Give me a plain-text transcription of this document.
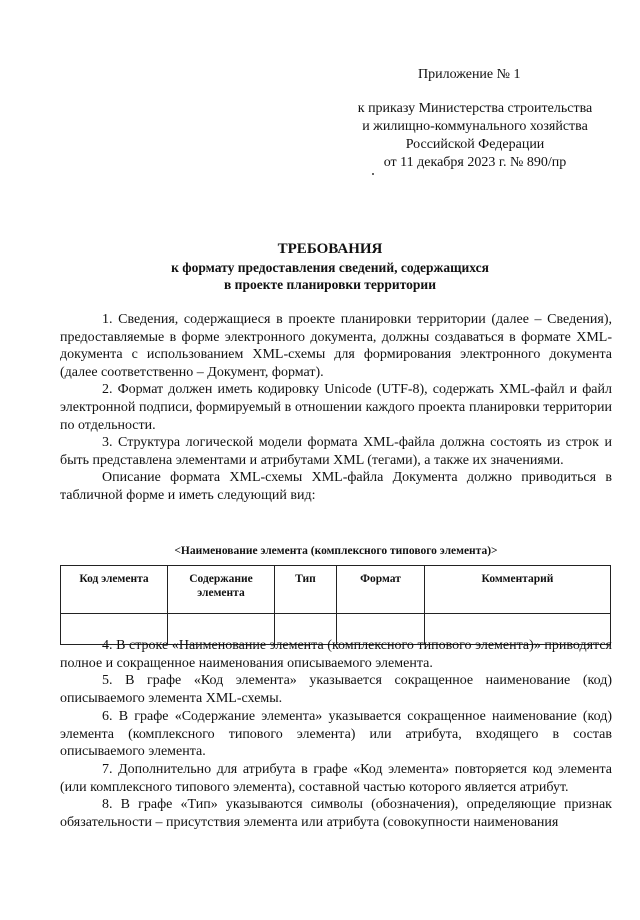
Приложение № 1
к приказу Министерства строительства
и жилищно-коммунального хозяйства
Российской Федерации
от 11 декабря 2023 г. № 890/пр
ТРЕБОВАНИЯ
к формату предоставления сведений, содержащихся
в проекте планировки территории

1. Сведения, содержащиеся в проекте планировки территории (далее – Сведения), предоставляемые в форме электронного документа, должны создаваться в формате XML-документа с использованием XML-схемы для формирования электронного документа (далее соответственно – Документ, формат).

2. Формат должен иметь кодировку Unicode (UTF-8), содержать XML-файл и файл электронной подписи, формируемый в отношении каждого проекта планировки территории по отдельности.

3. Структура логической модели формата XML-файла должна состоять из строк и быть представлена элементами и атрибутами XML (тегами), а также их значениями.

Описание формата XML-схемы XML-файла Документа должно приводиться в табличной форме и иметь следующий вид:

<Наименование элемента (комплексного типового элемента)>
Код элемента	Содержание элемента	Тип	Формат	Комментарий

4. В строке «Наименование элемента (комплексного типового элемента)» приводятся полное и сокращенное наименования описываемого элемента.

5. В графе «Код элемента» указывается сокращенное наименование (код) описываемого элемента XML-схемы.

6. В графе «Содержание элемента» указывается сокращенное наименование (код) элемента (комплексного типового элемента) или атрибута, входящего в состав описываемого элемента.

7. Дополнительно для атрибута в графе «Код элемента» повторяется код элемента (или комплексного типового элемента), составной частью которого является атрибут.

8. В графе «Тип» указываются символы (обозначения), определяющие признак обязательности – присутствия элемента или атрибута (совокупности наименования
